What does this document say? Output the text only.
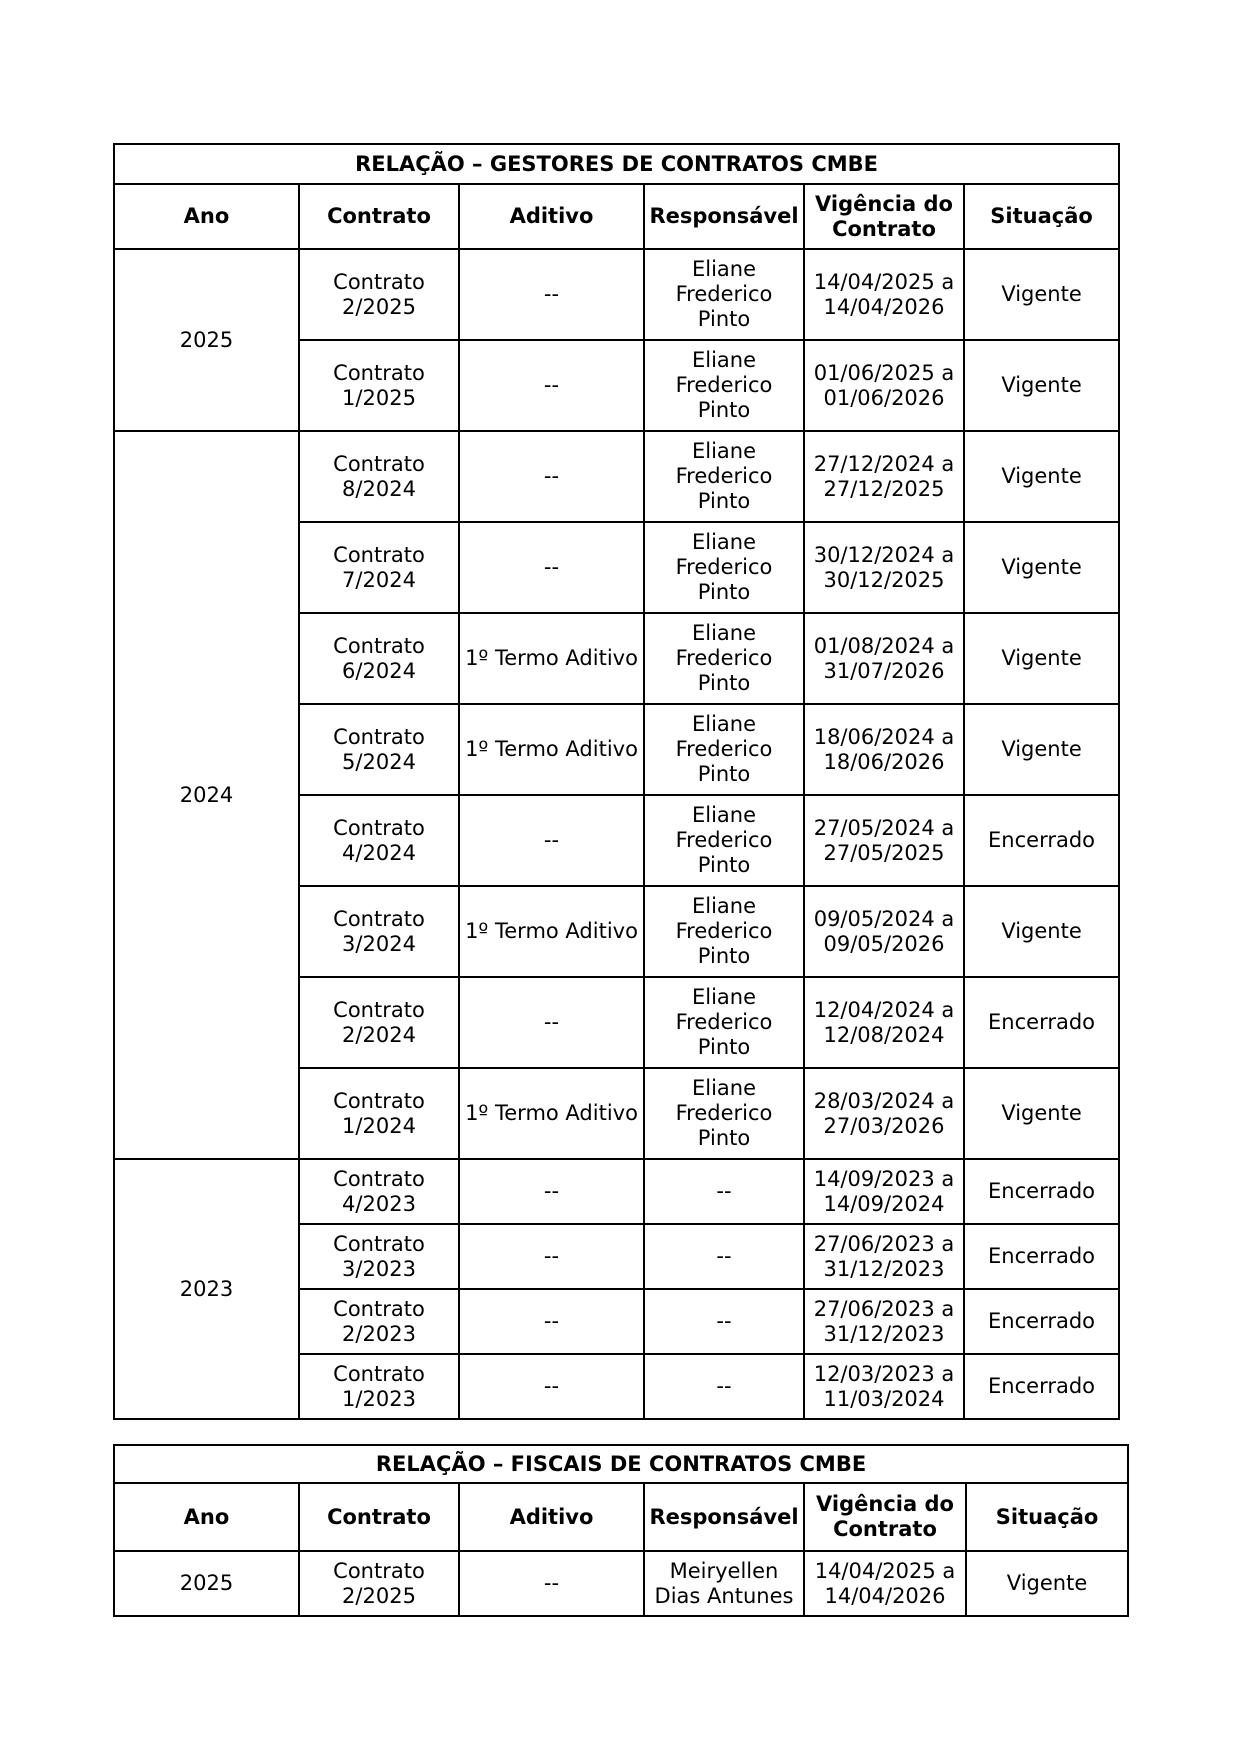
RELAÇÃO – GESTORES DE CONTRATOS CMBE					
Ano	Contrato	Aditivo	Responsável	Vigência do Contrato	Situação
2025	Contrato 2/2025	--	Eliane Frederico Pinto	14/04/2025 a 14/04/2026	Vigente
	Contrato 1/2025	--	Eliane Frederico Pinto	01/06/2025 a 01/06/2026	Vigente
2024	Contrato 8/2024	--	Eliane Frederico Pinto	27/12/2024 a 27/12/2025	Vigente
	Contrato 7/2024	--	Eliane Frederico Pinto	30/12/2024 a 30/12/2025	Vigente
	Contrato 6/2024	1º Termo Aditivo	Eliane Frederico Pinto	01/08/2024 a 31/07/2026	Vigente
	Contrato 5/2024	1º Termo Aditivo	Eliane Frederico Pinto	18/06/2024 a 18/06/2026	Vigente
	Contrato 4/2024	--	Eliane Frederico Pinto	27/05/2024 a 27/05/2025	Encerrado
	Contrato 3/2024	1º Termo Aditivo	Eliane Frederico Pinto	09/05/2024 a 09/05/2026	Vigente
	Contrato 2/2024	--	Eliane Frederico Pinto	12/04/2024 a 12/08/2024	Encerrado
	Contrato 1/2024	1º Termo Aditivo	Eliane Frederico Pinto	28/03/2024 a 27/03/2026	Vigente
2023	Contrato 4/2023	--	--	14/09/2023 a 14/09/2024	Encerrado
	Contrato 3/2023	--	--	27/06/2023 a 31/12/2023	Encerrado
	Contrato 2/2023	--	--	27/06/2023 a 31/12/2023	Encerrado
	Contrato 1/2023	--	--	12/03/2023 a 11/03/2024	Encerrado
RELAÇÃO – FISCAIS DE CONTRATOS CMBE					
Ano	Contrato	Aditivo	Responsável	Vigência do Contrato	Situação
2025	Contrato 2/2025	--	Meiryellen Dias Antunes	14/04/2025 a 14/04/2026	Vigente
